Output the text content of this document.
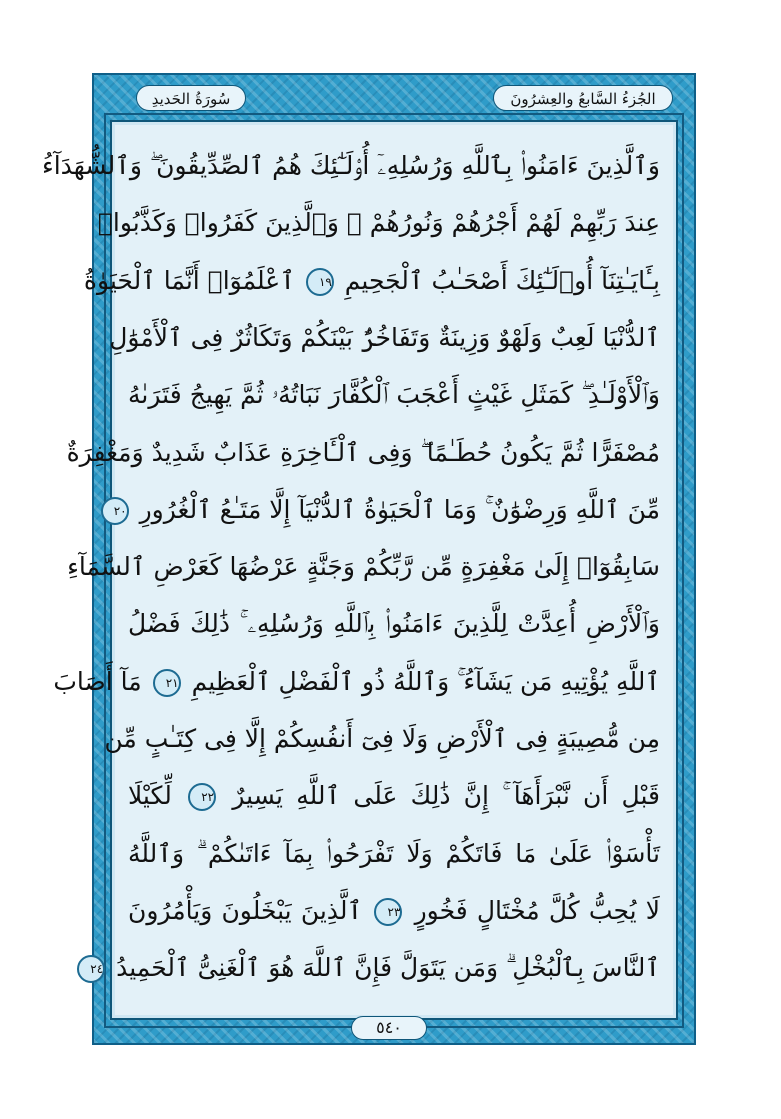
الجُزءُ السَّابعُ والعِشرُونَ
سُورَةُ الحَديدِ
وَٱلَّذِينَ ءَامَنُوا۟ بِٱللَّهِ وَرُسُلِهِۦٓ أُو۟لَـٰٓئِكَ هُمُ ٱلصِّدِّيقُونَ ۖ وَٱلشُّهَدَآءُ
عِندَ رَبِّهِمْ لَهُمْ أَجْرُهُمْ وَنُورُهُمْ ۖ وَٱلَّذِينَ كَفَرُوا۟ وَكَذَّبُوا۟
بِـَٔايَـٰتِنَآ أُو۟لَـٰٓئِكَ أَصْحَـٰبُ ٱلْجَحِيمِ ١٩ ٱعْلَمُوٓا۟ أَنَّمَا ٱلْحَيَوٰةُ
ٱلدُّنْيَا لَعِبٌ وَلَهْوٌ وَزِينَةٌ وَتَفَاخُرٌۢ بَيْنَكُمْ وَتَكَاثُرٌ فِى ٱلْأَمْوَٰلِ
وَٱلْأَوْلَـٰدِ ۖ كَمَثَلِ غَيْثٍ أَعْجَبَ ٱلْكُفَّارَ نَبَاتُهُۥ ثُمَّ يَهِيجُ فَتَرَىٰهُ
مُصْفَرًّا ثُمَّ يَكُونُ حُطَـٰمًا ۖ وَفِى ٱلْـَٔاخِرَةِ عَذَابٌ شَدِيدٌ وَمَغْفِرَةٌ
مِّنَ ٱللَّهِ وَرِضْوَٰنٌ ۚ وَمَا ٱلْحَيَوٰةُ ٱلدُّنْيَآ إِلَّا مَتَـٰعُ ٱلْغُرُورِ ٢٠
سَابِقُوٓا۟ إِلَىٰ مَغْفِرَةٍ مِّن رَّبِّكُمْ وَجَنَّةٍ عَرْضُهَا كَعَرْضِ ٱلسَّمَآءِ
وَٱلْأَرْضِ أُعِدَّتْ لِلَّذِينَ ءَامَنُوا۟ بِٱللَّهِ وَرُسُلِهِۦ ۚ ذَٰلِكَ فَضْلُ
ٱللَّهِ يُؤْتِيهِ مَن يَشَآءُ ۚ وَٱللَّهُ ذُو ٱلْفَضْلِ ٱلْعَظِيمِ ٢١ مَآ أَصَابَ
مِن مُّصِيبَةٍ فِى ٱلْأَرْضِ وَلَا فِىٓ أَنفُسِكُمْ إِلَّا فِى كِتَـٰبٍ مِّن
قَبْلِ أَن نَّبْرَأَهَآ ۚ إِنَّ ذَٰلِكَ عَلَى ٱللَّهِ يَسِيرٌ ٢٢ لِّكَيْلَا
تَأْسَوْا۟ عَلَىٰ مَا فَاتَكُمْ وَلَا تَفْرَحُوا۟ بِمَآ ءَاتَىٰكُمْ ۗ وَٱللَّهُ
لَا يُحِبُّ كُلَّ مُخْتَالٍ فَخُورٍ ٢٣ ٱلَّذِينَ يَبْخَلُونَ وَيَأْمُرُونَ
ٱلنَّاسَ بِٱلْبُخْلِ ۗ وَمَن يَتَوَلَّ فَإِنَّ ٱللَّهَ هُوَ ٱلْغَنِىُّ ٱلْحَمِيدُ ٢٤
٥٤٠
